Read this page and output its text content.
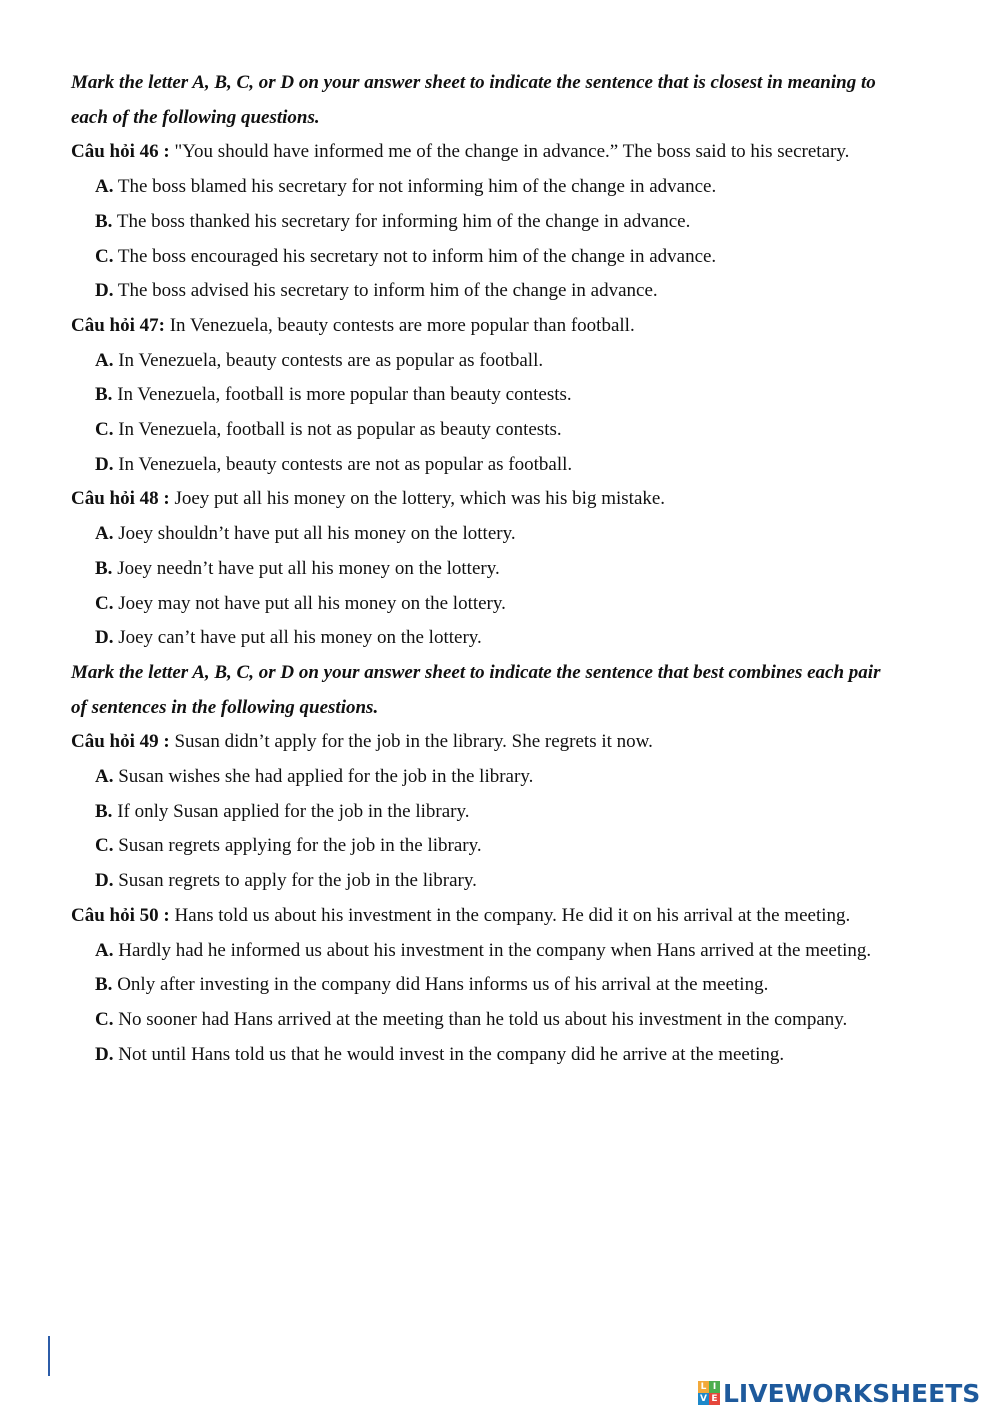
Mark the letter A, B, C, or D on your answer sheet to indicate the sentence that is closest in meaning to
each of the following questions.
Câu hỏi 46 : "You should have informed me of the change in advance.” The boss said to his secretary.
A. The boss blamed his secretary for not informing him of the change in advance.
B. The boss thanked his secretary for informing him of the change in advance.
C. The boss encouraged his secretary not to inform him of the change in advance.
D. The boss advised his secretary to inform him of the change in advance.
Câu hỏi 47: In Venezuela, beauty contests are more popular than football.
A. In Venezuela, beauty contests are as popular as football.
B. In Venezuela, football is more popular than beauty contests.
C. In Venezuela, football is not as popular as beauty contests.
D. In Venezuela, beauty contests are not as popular as football.
Câu hỏi 48 : Joey put all his money on the lottery, which was his big mistake.
A. Joey shouldn’t have put all his money on the lottery.
B. Joey needn’t have put all his money on the lottery.
C. Joey may not have put all his money on the lottery.
D. Joey can’t have put all his money on the lottery.
Mark the letter A, B, C, or D on your answer sheet to indicate the sentence that best combines each pair
of sentences in the following questions.
Câu hỏi 49 : Susan didn’t apply for the job in the library. She regrets it now.
A. Susan wishes she had applied for the job in the library.
B. If only Susan applied for the job in the library.
C. Susan regrets applying for the job in the library.
D. Susan regrets to apply for the job in the library.
Câu hỏi 50 : Hans told us about his investment in the company. He did it on his arrival at the meeting.
A. Hardly had he informed us about his investment in the company when Hans arrived at the meeting.
B. Only after investing in the company did Hans informs us of his arrival at the meeting.
C. No sooner had Hans arrived at the meeting than he told us about his investment in the company.
D. Not until Hans told us that he would invest in the company did he arrive at the meeting.
L I
V E LIVEWORKSHEETS
